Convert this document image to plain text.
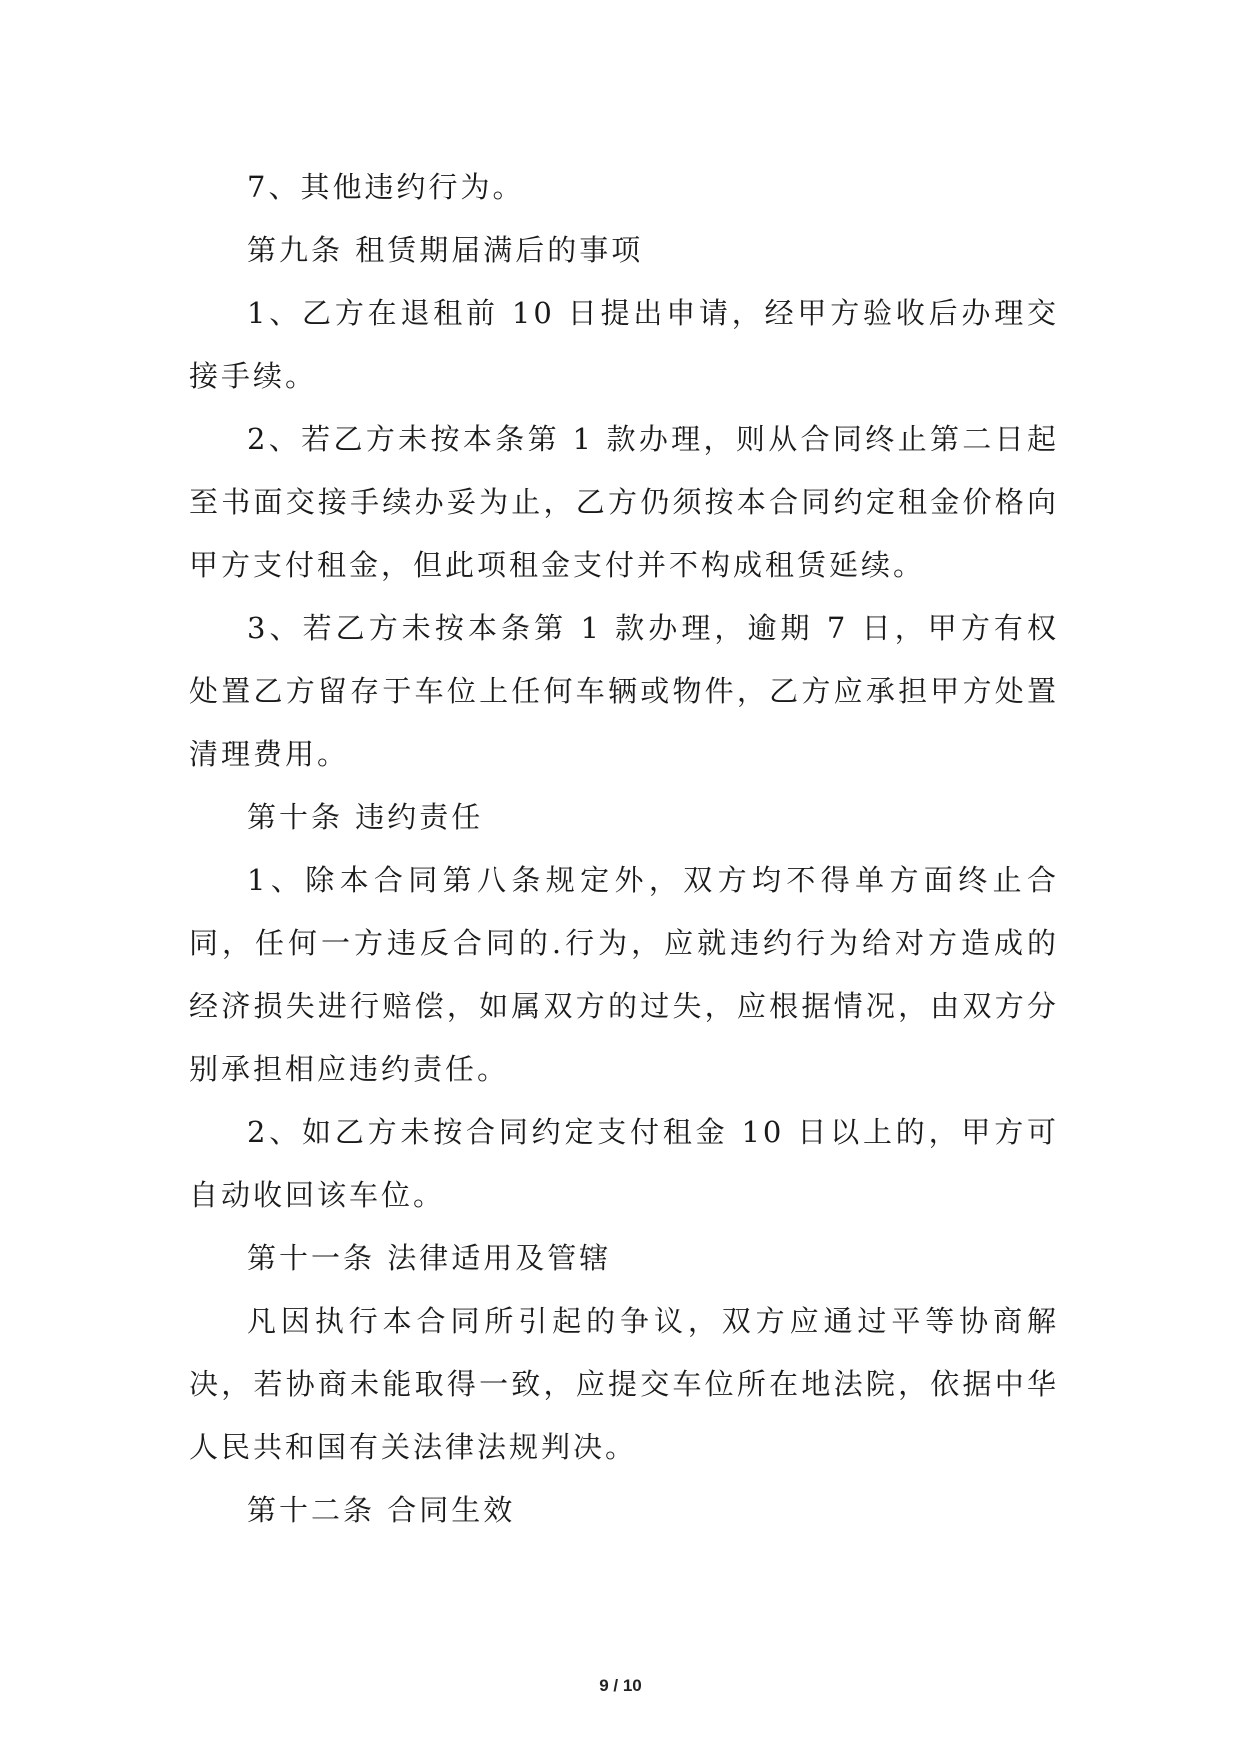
7、其他违约行为。

第九条 租赁期届满后的事项

1、乙方在退租前 10 日提出申请，经甲方验收后办理交接手续。

2、若乙方未按本条第 1 款办理，则从合同终止第二日起至书面交接手续办妥为止，乙方仍须按本合同约定租金价格向甲方支付租金，但此项租金支付并不构成租赁延续。

3、若乙方未按本条第 1 款办理，逾期 7 日，甲方有权处置乙方留存于车位上任何车辆或物件，乙方应承担甲方处置清理费用。

第十条 违约责任

1、除本合同第八条规定外，双方均不得单方面终止合同，任何一方违反合同的.行为，应就违约行为给对方造成的经济损失进行赔偿，如属双方的过失，应根据情况，由双方分别承担相应违约责任。

2、如乙方未按合同约定支付租金 10 日以上的，甲方可自动收回该车位。

第十一条 法律适用及管辖

凡因执行本合同所引起的争议，双方应通过平等协商解决，若协商未能取得一致，应提交车位所在地法院，依据中华人民共和国有关法律法规判决。

第十二条 合同生效

9 / 10
